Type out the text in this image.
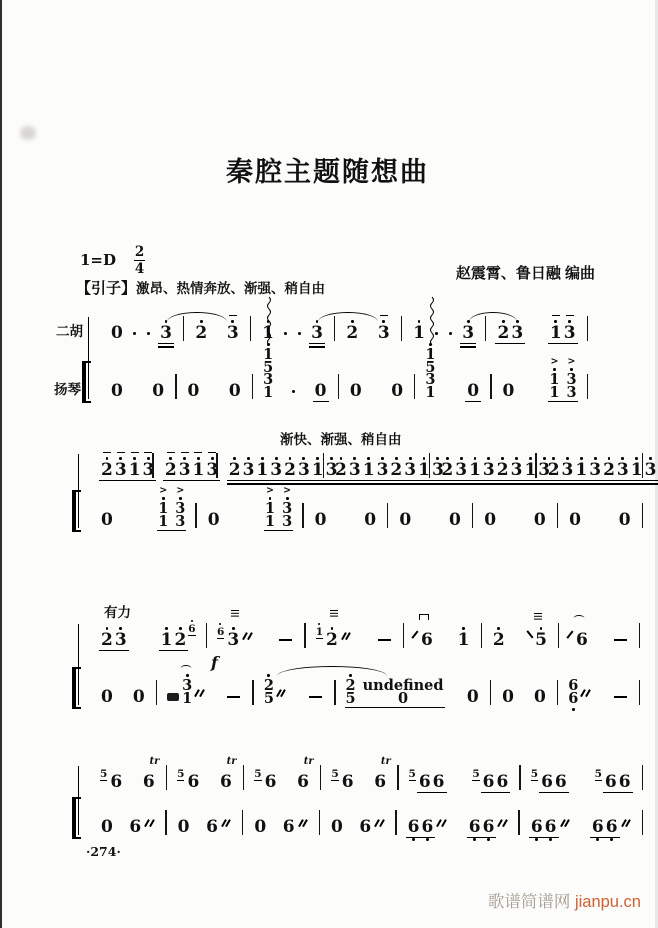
秦腔主题随想曲
1=D 2
4	赵震霄、鲁日融 编曲
【引子】激昂、热情奔放、渐强、稍自由
二胡
扬琴
0 3 2 3 1 3 2 3 1 3 2 3 1 3
0 0 0 0
1
5
3
1 0 0 0
1
5
3
1 0 0
1
>
3
>
1 3
渐快、渐强、稍自由
2 3 1 3 2 3 1 3 2 3 1 3 2 3 1 3
2 3 1 3 2 3 1 3
2 3 1 3 2 3 1 3
2 3 1 3 2 3 1 3
0
1
>
3
>
1 3 0
1
>
3
>
1 3 0 0 0 0 0 0 0 0
有力
2 3 1 2
6 6 3
f
1 2	6 1 2 5 6
0 0
3
1
2
5
2 undefined
5	0	0 0 0
6
6
5 6 6
tr
5 6 6
tr
5 6 6
tr
5 6 6
tr
5 6 6	5 6 6 5 6 6	5 6 6
0 6 0 6 0 6 0 6 6 6 6 6 6 6 6 6
·274·
歌谱简谱网 jianpu.cn
